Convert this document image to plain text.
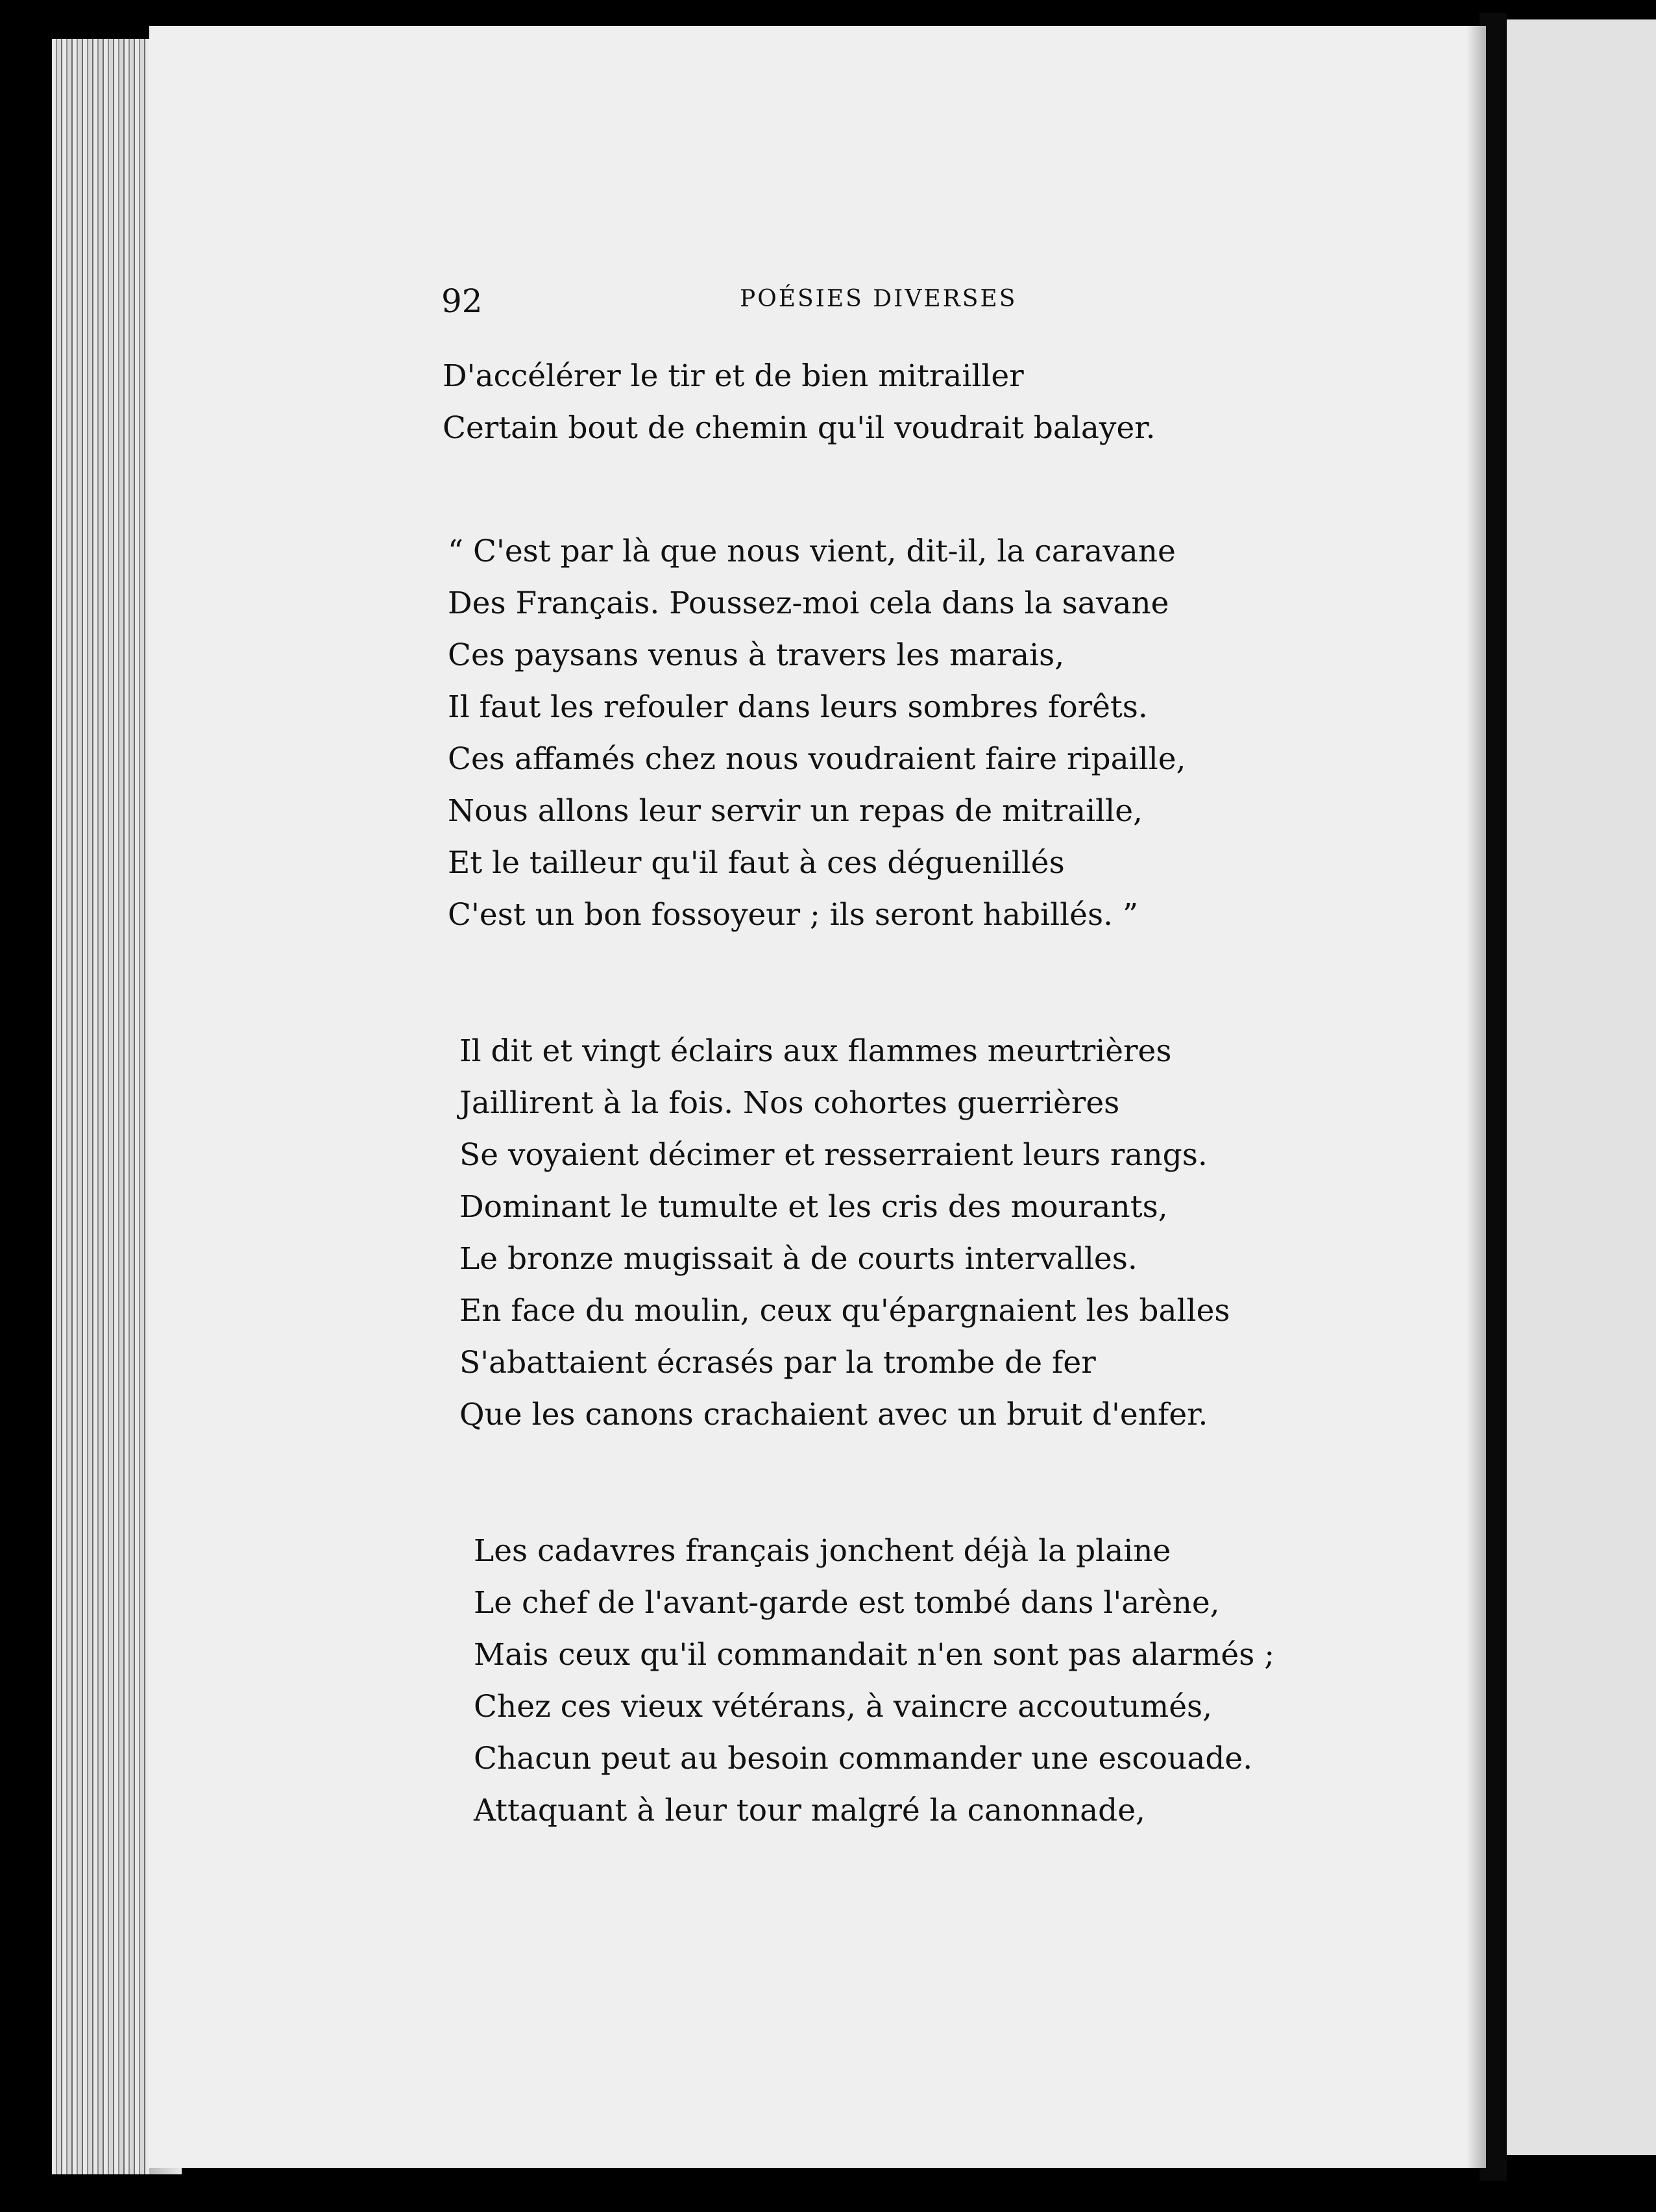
92	POÉSIES DIVERSES
D'accélérer le tir et de bien mitrailler
Certain bout de chemin qu'il voudrait balayer.
“ C'est par là que nous vient, dit-il, la caravane
Des Français. Poussez-moi cela dans la savane
Ces paysans venus à travers les marais,
Il faut les refouler dans leurs sombres forêts.
Ces affamés chez nous voudraient faire ripaille,
Nous allons leur servir un repas de mitraille,
Et le tailleur qu'il faut à ces déguenillés
C'est un bon fossoyeur ; ils seront habillés. ”
Il dit et vingt éclairs aux flammes meurtrières
Jaillirent à la fois. Nos cohortes guerrières
Se voyaient décimer et resserraient leurs rangs.
Dominant le tumulte et les cris des mourants,
Le bronze mugissait à de courts intervalles.
En face du moulin, ceux qu'épargnaient les balles
S'abattaient écrasés par la trombe de fer
Que les canons crachaient avec un bruit d'enfer.
Les cadavres français jonchent déjà la plaine
Le chef de l'avant-garde est tombé dans l'arène,
Mais ceux qu'il commandait n'en sont pas alarmés ;
Chez ces vieux vétérans, à vaincre accoutumés,
Chacun peut au besoin commander une escouade.
Attaquant à leur tour malgré la canonnade,
